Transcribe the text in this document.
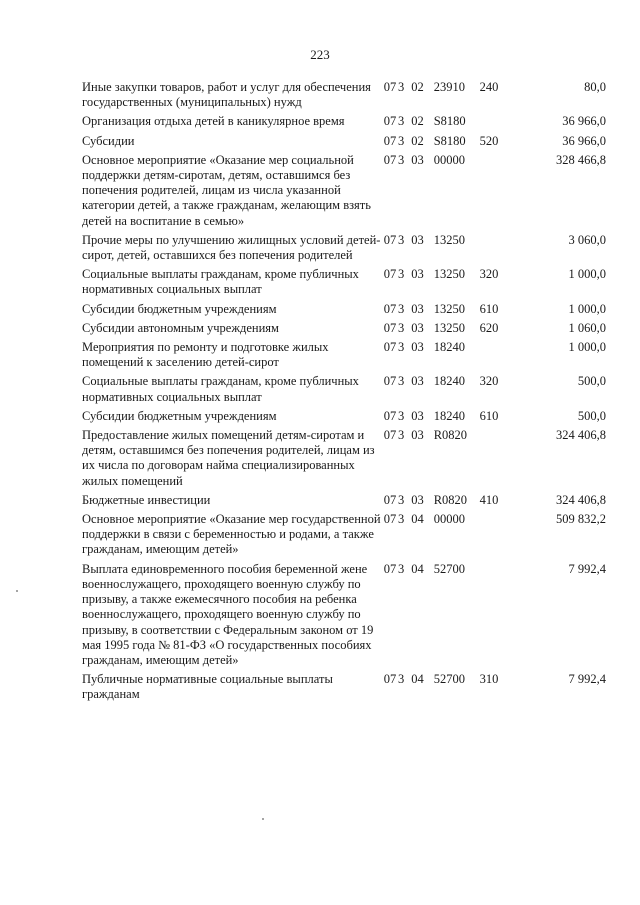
223
Иные закупки товаров, работ и услуг для обеспечения государственных (муниципальных) нужд	07	3	02	23910	240	80,0
Организация отдыха детей в каникулярное время	07	3	02	S8180		36 966,0
Субсидии	07	3	02	S8180	520	36 966,0
Основное мероприятие «Оказание мер социальной поддержки детям-сиротам, детям, оставшимся без попечения родителей, лицам из числа указанной категории детей, а также гражданам, желающим взять детей на воспитание в семью»	07	3	03	00000		328 466,8
Прочие меры по улучшению жилищных условий детей-сирот, детей, оставшихся без попечения родителей	07	3	03	13250		3 060,0
Социальные выплаты гражданам, кроме публичных нормативных социальных выплат	07	3	03	13250	320	1 000,0
Субсидии бюджетным учреждениям	07	3	03	13250	610	1 000,0
Субсидии автономным учреждениям	07	3	03	13250	620	1 060,0
Мероприятия по ремонту и подготовке жилых помещений к заселению детей-сирот	07	3	03	18240		1 000,0
Социальные выплаты гражданам, кроме публичных нормативных социальных выплат	07	3	03	18240	320	500,0
Субсидии бюджетным учреждениям	07	3	03	18240	610	500,0
Предоставление жилых помещений детям-сиротам и детям, оставшимся без попечения родителей, лицам из их числа по договорам найма специализированных жилых помещений	07	3	03	R0820		324 406,8
Бюджетные инвестиции	07	3	03	R0820	410	324 406,8
Основное мероприятие «Оказание мер государственной поддержки в связи с беременностью и родами, а также гражданам, имеющим детей»	07	3	04	00000		509 832,2
Выплата единовременного пособия беременной жене военнослужащего, проходящего военную службу по призыву, а также ежемесячного пособия на ребенка военнослужащего, проходящего военную службу по призыву, в соответствии с Федеральным законом от 19 мая 1995 года № 81-ФЗ «О государственных пособиях гражданам, имеющим детей»	07	3	04	52700		7 992,4
Публичные нормативные социальные выплаты гражданам	07	3	04	52700	310	7 992,4
